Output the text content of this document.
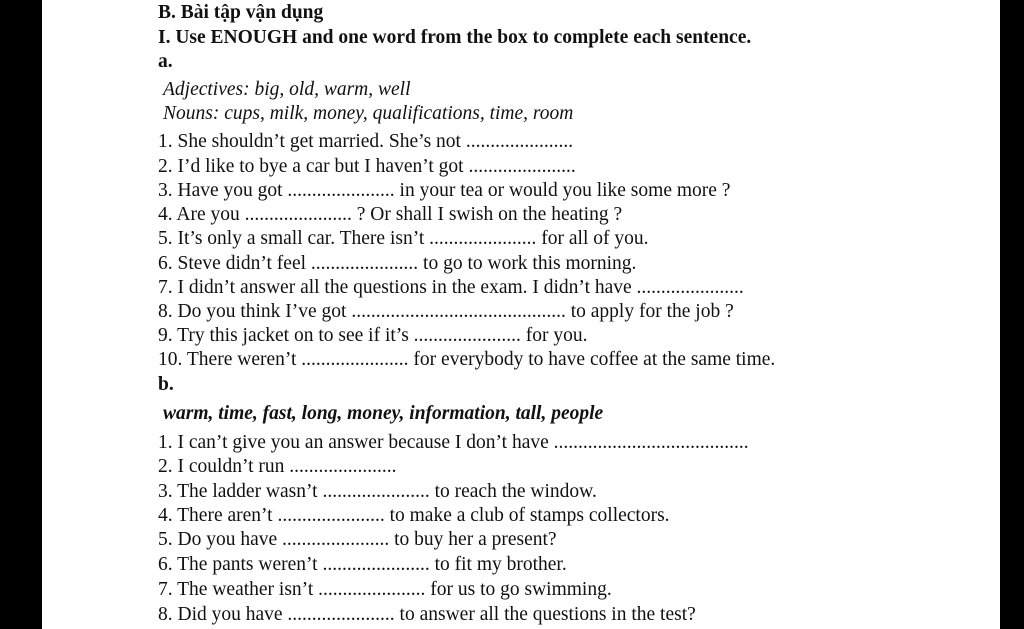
B. Bài tập vận dụng
I. Use ENOUGH and one word from the box to complete each sentence.
a.
Adjectives: big, old, warm, well
Nouns: cups, milk, money, qualifications, time, room
1. She shouldn’t get married. She’s not ......................
2. I’d like to bye a car but I haven’t got ......................
3. Have you got ...................... in your tea or would you like some more ?
4. Are you ...................... ? Or shall I swish on the heating ?
5. It’s only a small car. There isn’t ...................... for all of you.
6. Steve didn’t feel ...................... to go to work this morning.
7. I didn’t answer all the questions in the exam. I didn’t have ......................
8. Do you think I’ve got ............................................ to apply for the job ?
9. Try this jacket on to see if it’s ...................... for you.
10. There weren’t ...................... for everybody to have coffee at the same time.
b.
warm, time, fast, long, money, information, tall, people
1. I can’t give you an answer because I don’t have ........................................
2. I couldn’t run ......................
3. The ladder wasn’t ...................... to reach the window.
4. There aren’t ...................... to make a club of stamps collectors.
5. Do you have ...................... to buy her a present?
6. The pants weren’t ...................... to fit my brother.
7. The weather isn’t ...................... for us to go swimming.
8. Did you have ...................... to answer all the questions in the test?
